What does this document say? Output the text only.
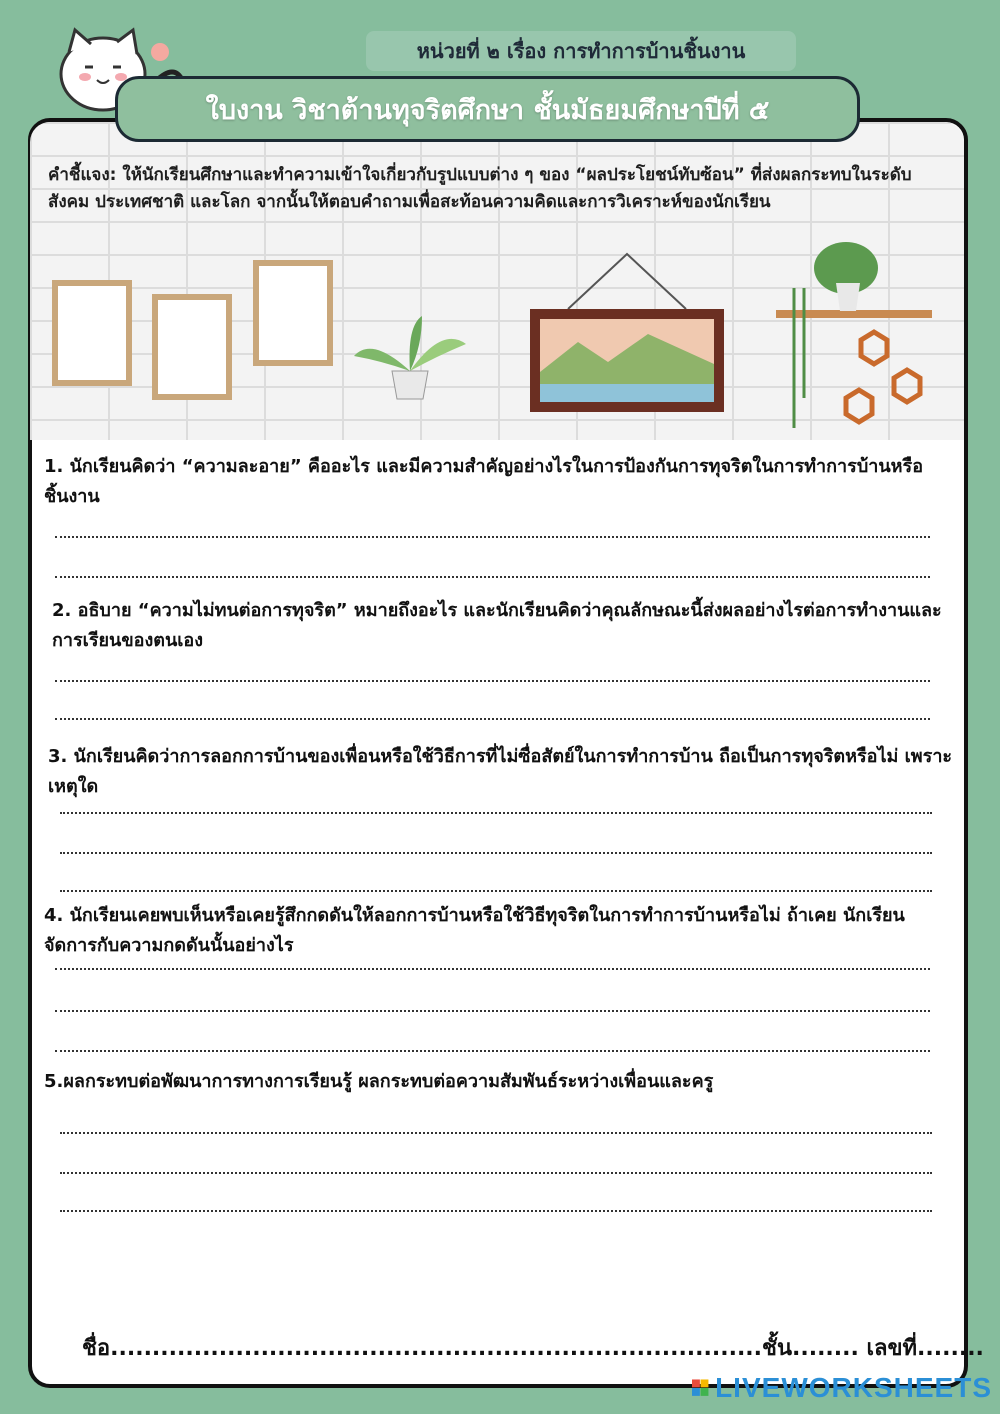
หน่วยที่ ๒ เรื่อง การทำการบ้านชิ้นงาน
ใบงาน วิชาต้านทุจริตศึกษา ชั้นมัธยมศึกษาปีที่ ๕
คำชี้แจง: ให้นักเรียนศึกษาและทำความเข้าใจเกี่ยวกับรูปแบบต่าง ๆ ของ “ผลประโยชน์ทับซ้อน” ที่ส่งผลกระทบในระดับสังคม ประเทศชาติ และโลก จากนั้นให้ตอบคำถามเพื่อสะท้อนความคิดและการวิเคราะห์ของนักเรียน
1. นักเรียนคิดว่า “ความละอาย” คืออะไร และมีความสำคัญอย่างไรในการป้องกันการทุจริตในการทำการบ้านหรือชิ้นงาน
2. อธิบาย “ความไม่ทนต่อการทุจริต” หมายถึงอะไร และนักเรียนคิดว่าคุณลักษณะนี้ส่งผลอย่างไรต่อการทำงานและการเรียนของตนเอง
3. นักเรียนคิดว่าการลอกการบ้านของเพื่อนหรือใช้วิธีการที่ไม่ซื่อสัตย์ในการทำการบ้าน ถือเป็นการทุจริตหรือไม่ เพราะเหตุใด
4. นักเรียนเคยพบเห็นหรือเคยรู้สึกกดดันให้ลอกการบ้านหรือใช้วิธีทุจริตในการทำการบ้านหรือไม่ ถ้าเคย นักเรียนจัดการกับความกดดันนั้นอย่างไร
5.ผลกระทบต่อพัฒนาการทางการเรียนรู้ ผลกระทบต่อความสัมพันธ์ระหว่างเพื่อนและครู
ชื่อ..............................................................................ชั้น........ เลขที่........
LIVEWORKSHEETS
